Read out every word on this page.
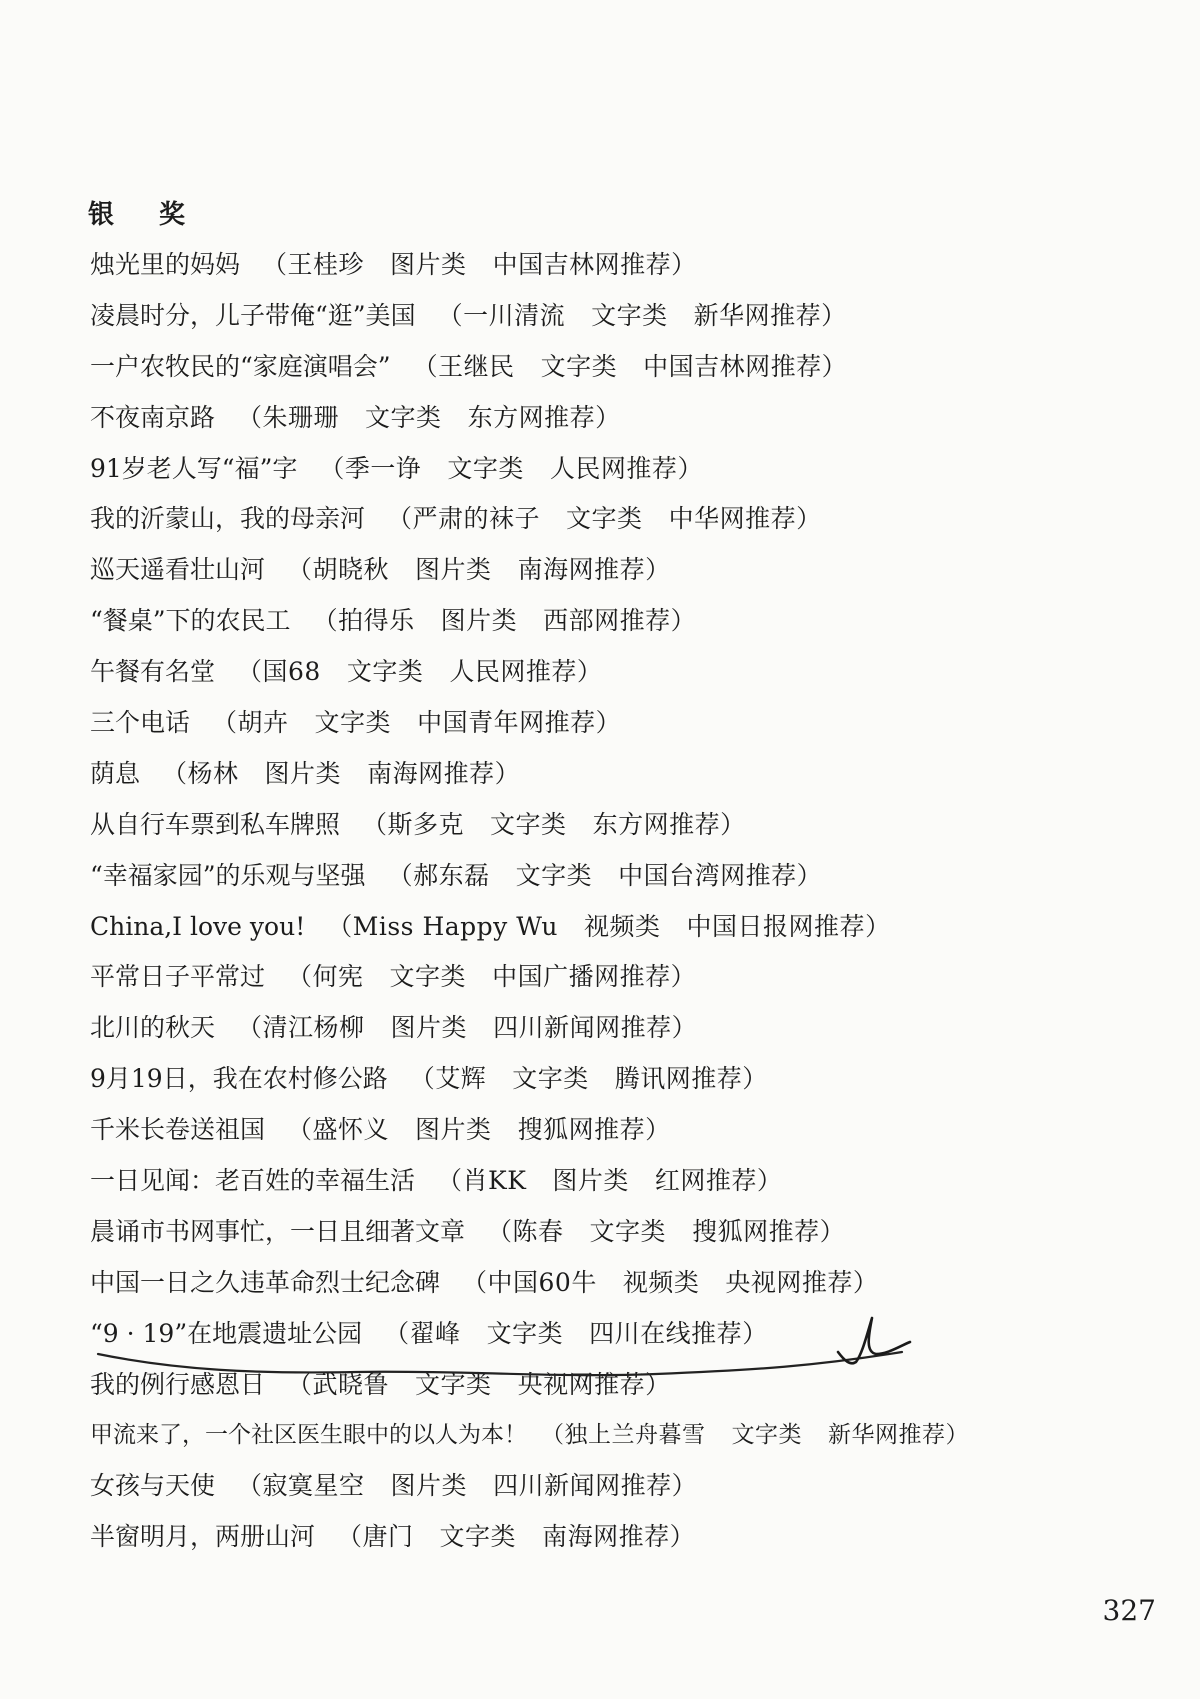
银 奖
烛光里的妈妈 （王桂珍 图片类 中国吉林网推荐）
凌晨时分，儿子带俺“逛”美国 （一川清流 文字类 新华网推荐）
一户农牧民的“家庭演唱会” （王继民 文字类 中国吉林网推荐）
不夜南京路 （朱珊珊 文字类 东方网推荐）
91岁老人写“福”字 （季一诤 文字类 人民网推荐）
我的沂蒙山，我的母亲河 （严肃的袜子 文字类 中华网推荐）
巡天遥看壮山河 （胡晓秋 图片类 南海网推荐）
“餐桌”下的农民工 （拍得乐 图片类 西部网推荐）
午餐有名堂 （国68 文字类 人民网推荐）
三个电话 （胡卉 文字类 中国青年网推荐）
荫息 （杨林 图片类 南海网推荐）
从自行车票到私车牌照 （斯多克 文字类 东方网推荐）
“幸福家园”的乐观与坚强 （郝东磊 文字类 中国台湾网推荐）
China,I love you! （Miss Happy Wu 视频类 中国日报网推荐）
平常日子平常过 （何宪 文字类 中国广播网推荐）
北川的秋天 （清江杨柳 图片类 四川新闻网推荐）
9月19日，我在农村修公路 （艾辉 文字类 腾讯网推荐）
千米长卷送祖国 （盛怀义 图片类 搜狐网推荐）
一日见闻：老百姓的幸福生活 （肖KK 图片类 红网推荐）
晨诵市书网事忙，一日且细著文章 （陈春 文字类 搜狐网推荐）
中国一日之久违革命烈士纪念碑 （中国60牛 视频类 央视网推荐）
“9 · 19”在地震遗址公园 （翟峰 文字类 四川在线推荐）
我的例行感恩日 （武晓鲁 文字类 央视网推荐）
甲流来了，一个社区医生眼中的以人为本！ （独上兰舟暮雪 文字类 新华网推荐）
女孩与天使 （寂寞星空 图片类 四川新闻网推荐）
半窗明月，两册山河 （唐门 文字类 南海网推荐）
327
